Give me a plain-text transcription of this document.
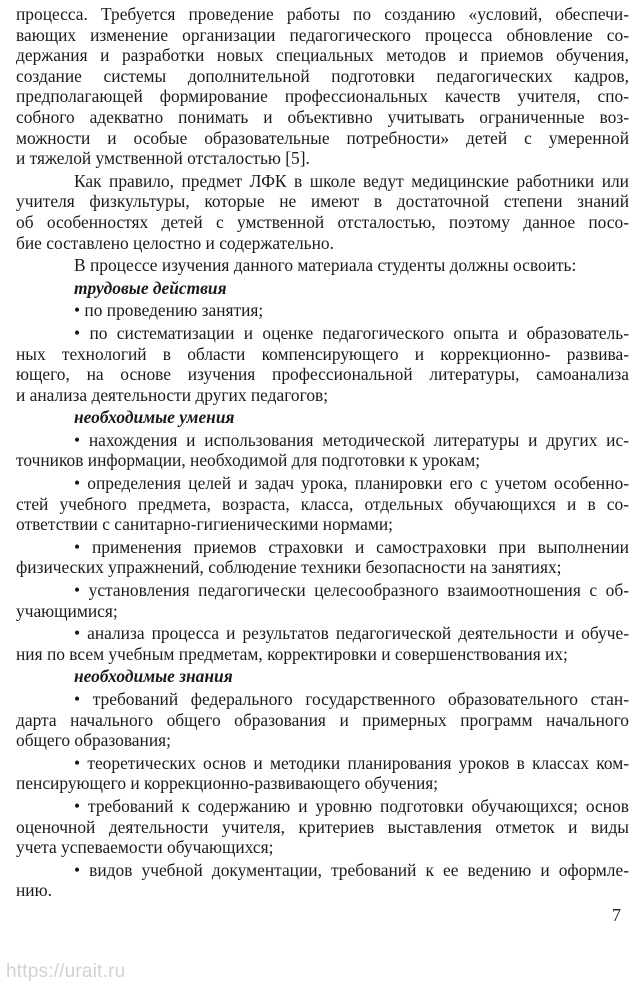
процесса. Требуется проведение работы по созданию «условий, обеспечи-
вающих изменение организации педагогического процесса обновление со-
держания и разработки новых специальных методов и приемов обучения,
создание системы дополнительной подготовки педагогических кадров,
предполагающей формирование профессиональных качеств учителя, спо-
собного адекватно понимать и объективно учитывать ограниченные воз-
можности и особые образовательные потребности» детей с умеренной
и тяжелой умственной отсталостью [5].
Как правило, предмет ЛФК в школе ведут медицинские работники или
учителя физкультуры, которые не имеют в достаточной степени знаний
об особенностях детей с умственной отсталостью, поэтому данное посо-
бие составлено целостно и содержательно.
В процессе изучения данного материала студенты должны освоить:
трудовые действия
• по проведению занятия;
• по систематизации и оценке педагогического опыта и образователь-
ных технологий в области компенсирующего и коррекционно- развива-
ющего, на основе изучения профессиональной литературы, самоанализа
и анализа деятельности других педагогов;
необходимые умения
• нахождения и использования методической литературы и других ис-
точников информации, необходимой для подготовки к урокам;
• определения целей и задач урока, планировки его с учетом особенно-
стей учебного предмета, возраста, класса, отдельных обучающихся и в со-
ответствии с санитарно-гигиеническими нормами;
• применения приемов страховки и самостраховки при выполнении
физических упражнений, соблюдение техники безопасности на занятиях;
• установления педагогически целесообразного взаимоотношения с об-
учающимися;
• анализа процесса и результатов педагогической деятельности и обуче-
ния по всем учебным предметам, корректировки и совершенствования их;
необходимые знания
• требований федерального государственного образовательного стан-
дарта начального общего образования и примерных программ начального
общего образования;
• теоретических основ и методики планирования уроков в классах ком-
пенсирующего и коррекционно-развивающего обучения;
• требований к содержанию и уровню подготовки обучающихся; основ
оценочной деятельности учителя, критериев выставления отметок и виды
учета успеваемости обучающихся;
• видов учебной документации, требований к ее ведению и оформле-
нию.
7
https://urait.ru
